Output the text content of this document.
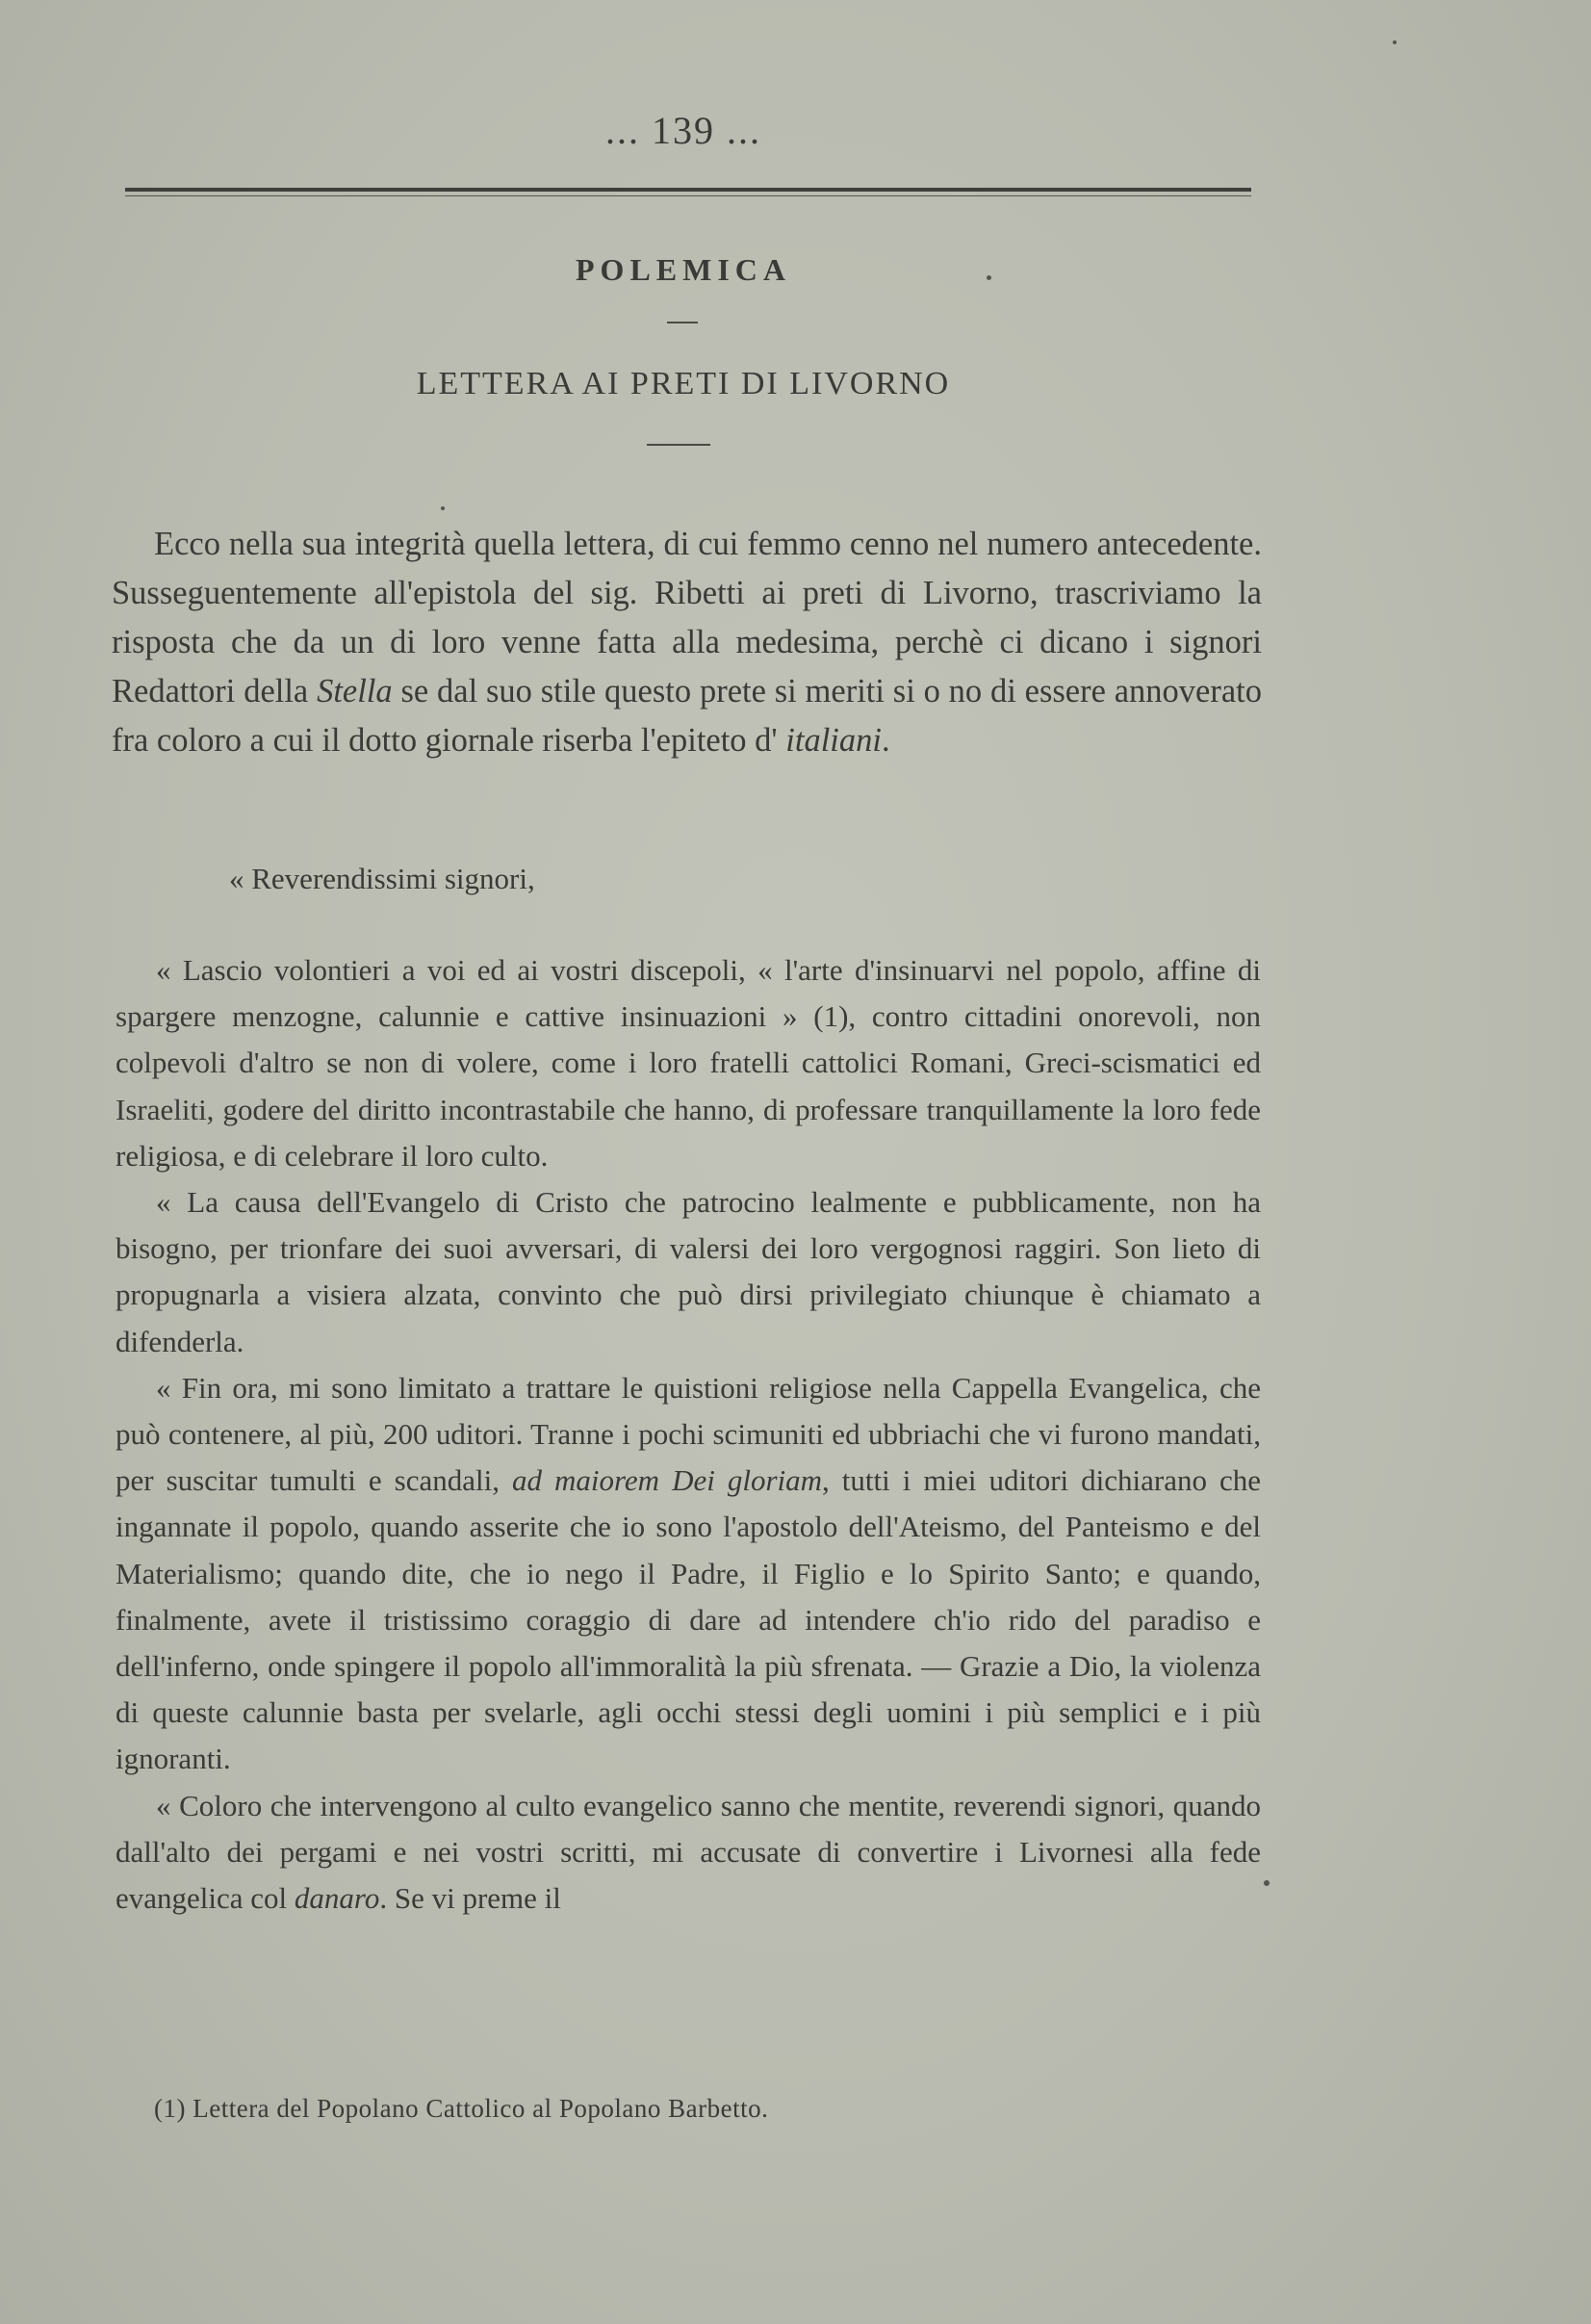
... 139 ...
POLEMICA
LETTERA AI PRETI DI LIVORNO
Ecco nella sua integrità quella lettera, di cui femmo cenno nel numero antecedente. Susseguentemente all'epistola del sig. Ribetti ai preti di Livorno, trascriviamo la risposta che da un di loro venne fatta alla medesima, perchè ci dicano i signori Redattori della Stella se dal suo stile questo prete si meriti si o no di essere annoverato fra coloro a cui il dotto giornale riserba l'epiteto d' italiani.
« Reverendissimi signori,

« Lascio volontieri a voi ed ai vostri discepoli, « l'arte d'insinuarvi nel popolo, affine di spargere menzogne, calunnie e cattive insinuazioni » (1), contro cittadini onorevoli, non colpevoli d'altro se non di volere, come i loro fratelli cattolici Romani, Greci-scismatici ed Israeliti, godere del diritto incontrastabile che hanno, di professare tranquillamente la loro fede religiosa, e di celebrare il loro culto.

« La causa dell'Evangelo di Cristo che patrocino lealmente e pubblicamente, non ha bisogno, per trionfare dei suoi avversari, di valersi dei loro vergognosi raggiri. Son lieto di propugnarla a visiera alzata, convinto che può dirsi privilegiato chiunque è chiamato a difenderla.

« Fin ora, mi sono limitato a trattare le quistioni religiose nella Cappella Evangelica, che può contenere, al più, 200 uditori. Tranne i pochi scimuniti ed ubbriachi che vi furono mandati, per suscitar tumulti e scandali, ad maiorem Dei gloriam, tutti i miei uditori dichiarano che ingannate il popolo, quando asserite che io sono l'apostolo dell'Ateismo, del Panteismo e del Materialismo; quando dite, che io nego il Padre, il Figlio e lo Spirito Santo; e quando, finalmente, avete il tristissimo coraggio di dare ad intendere ch'io rido del paradiso e dell'inferno, onde spingere il popolo all'immoralità la più sfrenata. — Grazie a Dio, la violenza di queste calunnie basta per svelarle, agli occhi stessi degli uomini i più semplici e i più ignoranti.

« Coloro che intervengono al culto evangelico sanno che mentite, reverendi signori, quando dall'alto dei pergami e nei vostri scritti, mi accusate di convertire i Livornesi alla fede evangelica col danaro. Se vi preme il

(1) Lettera del Popolano Cattolico al Popolano Barbetto.
